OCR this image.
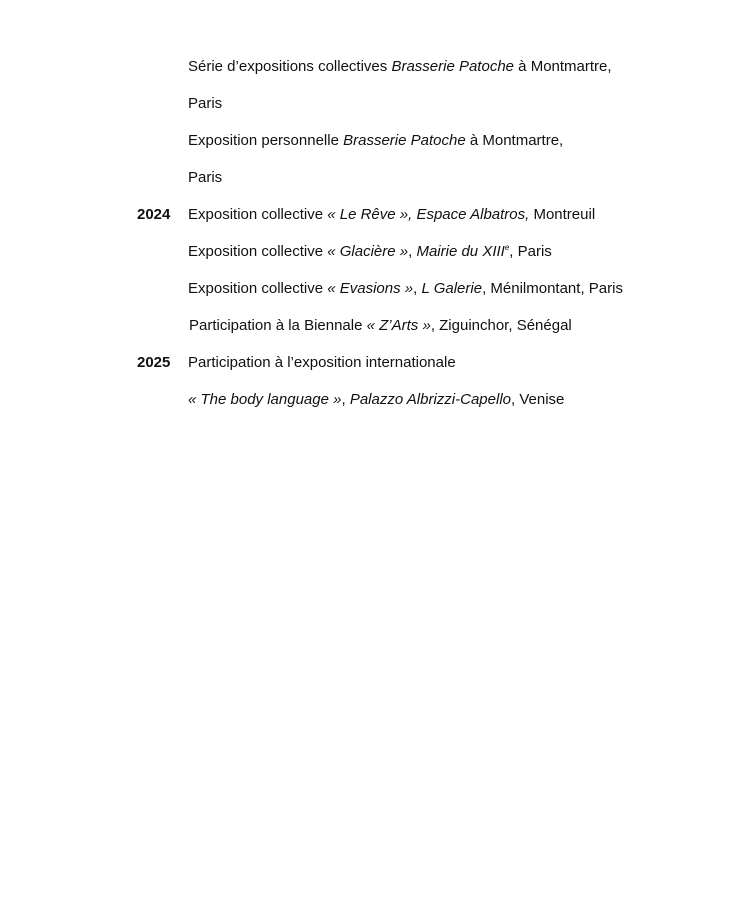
Série d’expositions collectives Brasserie Patoche à Montmartre,
Paris
Exposition personnelle Brasserie Patoche à Montmartre,
Paris
2024 Exposition collective « Le Rêve », Espace Albatros, Montreuil
Exposition collective « Glacière », Mairie du XIIIe, Paris
Exposition collective « Evasions », L Galerie, Ménilmontant, Paris
Participation à la Biennale « Z’Arts », Ziguinchor, Sénégal
2025 Participation à l’exposition internationale
« The body language », Palazzo Albrizzi-Capello, Venise
